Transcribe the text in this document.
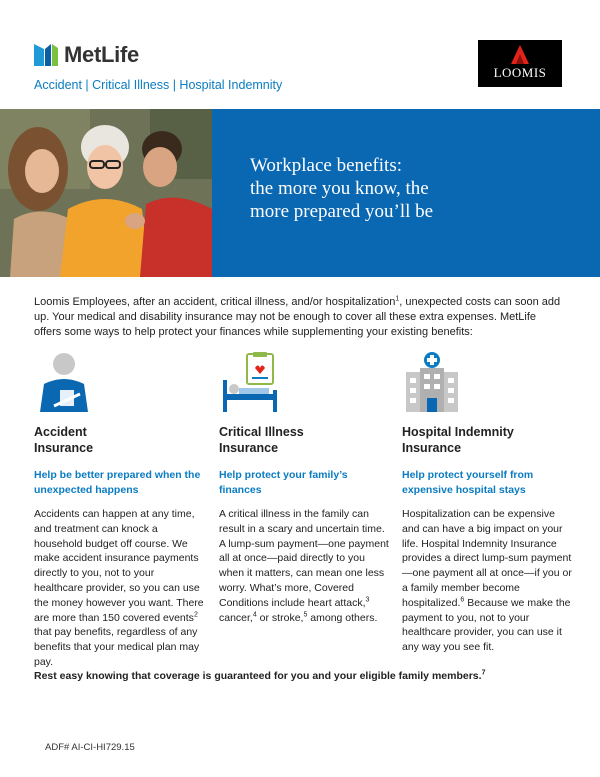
MetLife
Accident | Critical Illness | Hospital Indemnity
LOOMIS
Workplace benefits:
the more you know, the
more prepared you’ll be
Loomis Employees, after an accident, critical illness, and/or hospitalization$^1$, unexpected costs can soon add up. Your medical and disability insurance may not be enough to cover all these extra expenses. MetLife offers some ways to help protect your finances while supplementing your existing benefits:
Accident
Insurance
Help be better prepared when the unexpected happens
Accidents can happen at any time, and treatment can knock a household budget off course. We make accident insurance payments directly to you, not to your healthcare provider, so you can use the money however you want. There are more than 150 covered events$^2$ that pay benefits, regardless of any benefits that your medical plan may pay.
Critical Illness
Insurance
Help protect your family’s finances
A critical illness in the family can result in a scary and uncertain time. A lump-sum payment—one payment all at once—paid directly to you when it matters, can mean one less worry. What’s more, Covered Conditions include heart attack,$^3$ cancer,$^4$ or stroke,$^5$ among others.
Hospital Indemnity
Insurance
Help protect yourself from expensive hospital stays
Hospitalization can be expensive and can have a big impact on your life. Hospital Indemnity Insurance provides a direct lump-sum payment—one payment all at once—if you or a family member become hospitalized.$^6$ Because we make the payment to you, not to your healthcare provider, you can use it any way you see fit.
Rest easy knowing that coverage is guaranteed for you and your eligible family members.$^7$
ADF# AI-CI-HI729.15
